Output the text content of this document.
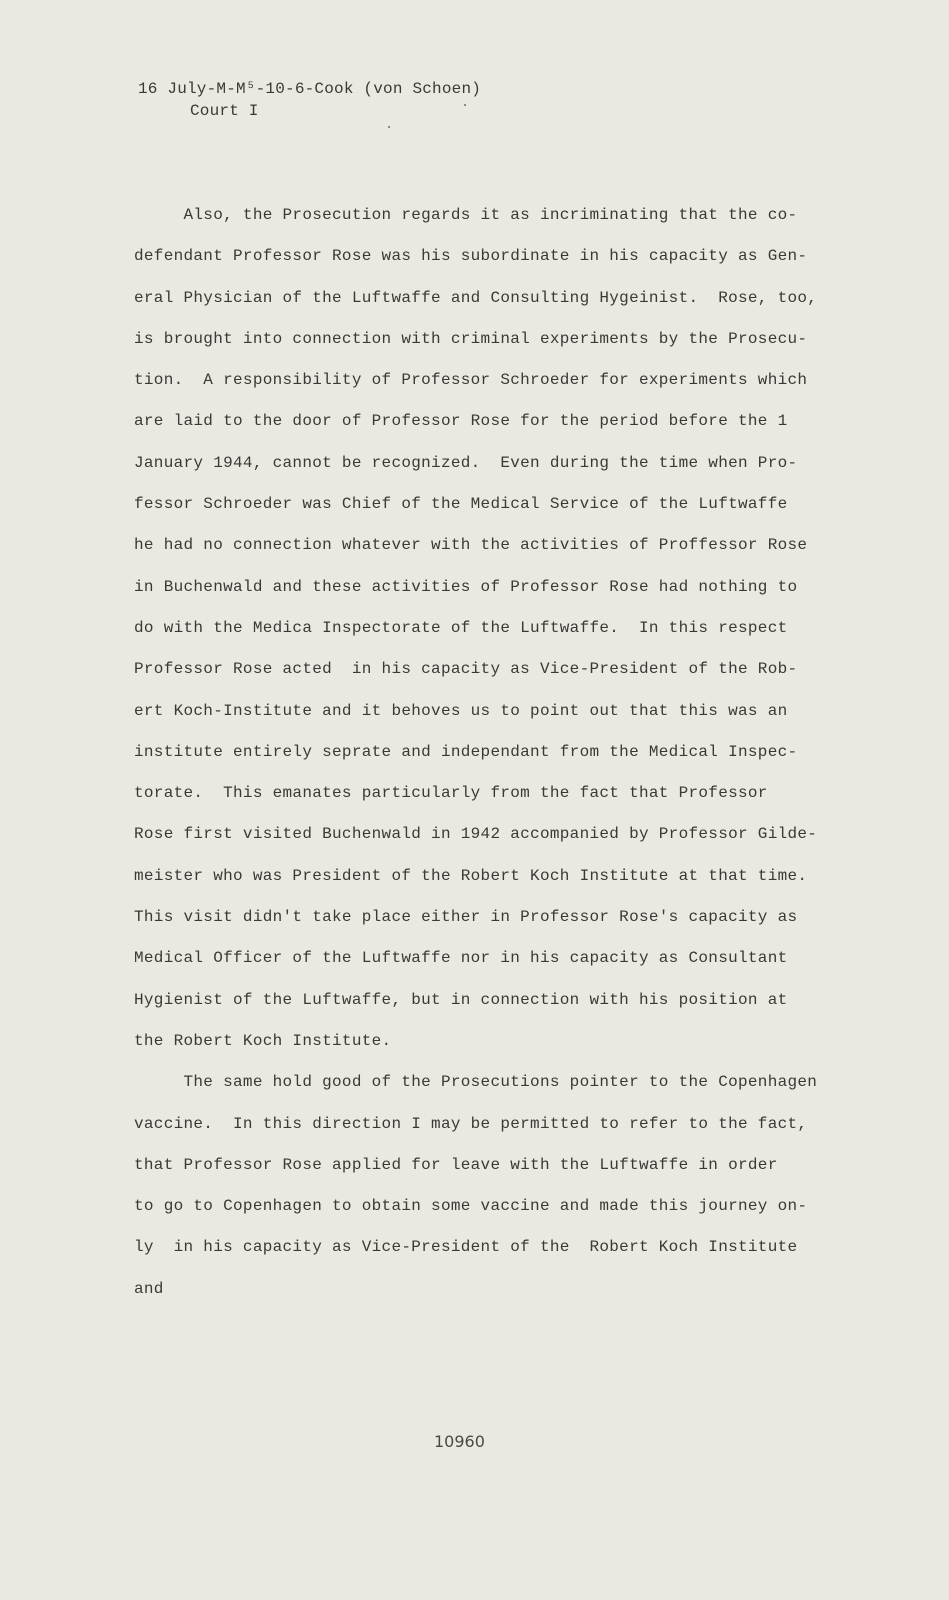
16 July-M-M⁵-10-6-Cook (von Schoen)
Court I
Also, the Prosecution regards it as incriminating that the co-
defendant Professor Rose was his subordinate in his capacity as Gen-
eral Physician of the Luftwaffe and Consulting Hygeinist.  Rose, too,
is brought into connection with criminal experiments by the Prosecu-
tion.  A responsibility of Professor Schroeder for experiments which
are laid to the door of Professor Rose for the period before the 1
January 1944, cannot be recognized.  Even during the time when Pro-
fessor Schroeder was Chief of the Medical Service of the Luftwaffe
he had no connection whatever with the activities of Proffessor Rose
in Buchenwald and these activities of Professor Rose had nothing to
do with the Medica Inspectorate of the Luftwaffe.  In this respect
Professor Rose acted  in his capacity as Vice-President of the Rob-
ert Koch-Institute and it behoves us to point out that this was an
institute entirely seprate and independant from the Medical Inspec-
torate.  This emanates particularly from the fact that Professor
Rose first visited Buchenwald in 1942 accompanied by Professor Gilde-
meister who was President of the Robert Koch Institute at that time.
This visit didn't take place either in Professor Rose's capacity as
Medical Officer of the Luftwaffe nor in his capacity as Consultant
Hygienist of the Luftwaffe, but in connection with his position at
the Robert Koch Institute.
The same hold good of the Prosecutions pointer to the Copenhagen
vaccine.  In this direction I may be permitted to refer to the fact,
that Professor Rose applied for leave with the Luftwaffe in order
to go to Copenhagen to obtain some vaccine and made this journey on-
ly  in his capacity as Vice-President of the  Robert Koch Institute
and
10960
